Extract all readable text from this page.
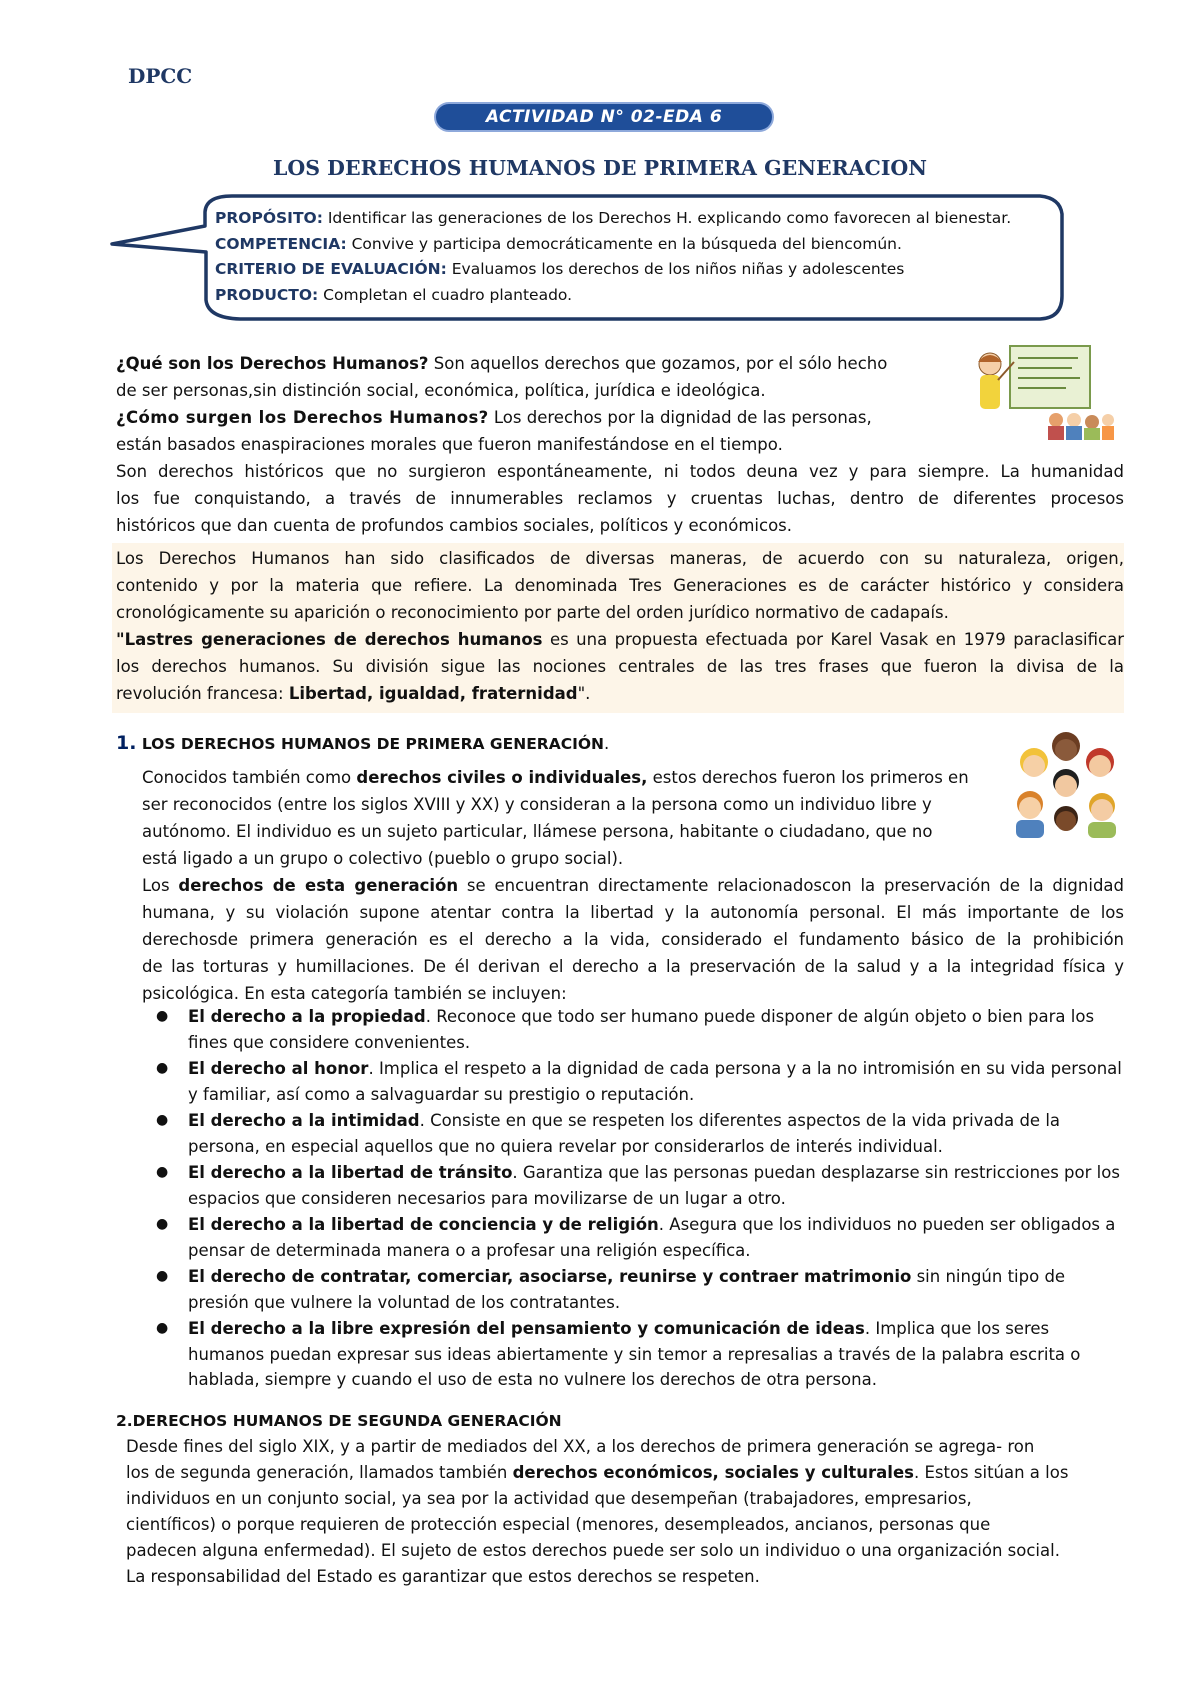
DPCC
ACTIVIDAD N° 02-EDA 6
LOS DERECHOS HUMANOS DE PRIMERA GENERACION
PROPÓSITO: Identificar las generaciones de los Derechos H. explicando como favorecen al bienestar.
COMPETENCIA: Convive y participa democráticamente en la búsqueda del biencomún.
CRITERIO DE EVALUACIÓN: Evaluamos los derechos de los niños niñas y adolescentes
PRODUCTO: Completan el cuadro planteado.
¿Qué son los Derechos Humanos? Son aquellos derechos que gozamos, por el sólo hecho
de ser personas,sin distinción social, económica, política, jurídica e ideológica.
¿Cómo surgen los Derechos Humanos? Los derechos por la dignidad de las personas,
están basados enaspiraciones morales que fueron manifestándose en el tiempo.
Son derechos históricos que no surgieron espontáneamente, ni todos deuna vez y para siempre. La humanidad
los fue conquistando, a través de innumerables reclamos y cruentas luchas, dentro de diferentes procesos
históricos que dan cuenta de profundos cambios sociales, políticos y económicos.
Los Derechos Humanos han sido clasificados de diversas maneras, de acuerdo con su naturaleza, origen,
contenido y por la materia que refiere. La denominada Tres Generaciones es de carácter histórico y considera
cronológicamente su aparición o reconocimiento por parte del orden jurídico normativo de cadapaís.
"Lastres generaciones de derechos humanos es una propuesta efectuada por Karel Vasak en 1979 paraclasificar
los derechos humanos. Su división sigue las nociones centrales de las tres frases que fueron la divisa de la
revolución francesa: Libertad, igualdad, fraternidad".
1. LOS DERECHOS HUMANOS DE PRIMERA GENERACIÓN.
Conocidos también como derechos civiles o individuales, estos derechos fueron los primeros en
ser reconocidos (entre los siglos XVIII y XX) y consideran a la persona como un individuo libre y
autónomo. El individuo es un sujeto particular, llámese persona, habitante o ciudadano, que no
está ligado a un grupo o colectivo (pueblo o grupo social).
Los derechos de esta generación se encuentran directamente relacionadoscon la preservación de la dignidad
humana, y su violación supone atentar contra la libertad y la autonomía personal. El más importante de los
derechosde primera generación es el derecho a la vida, considerado el fundamento básico de la prohibición
de las torturas y humillaciones. De él derivan el derecho a la preservación de la salud y a la integridad física y
psicológica. En esta categoría también se incluyen:
● El derecho a la propiedad. Reconoce que todo ser humano puede disponer de algún objeto o bien para los fines que considere convenientes.
● El derecho al honor. Implica el respeto a la dignidad de cada persona y a la no intromisión en su vida personal y familiar, así como a salvaguardar su prestigio o reputación.
● El derecho a la intimidad. Consiste en que se respeten los diferentes aspectos de la vida privada de la persona, en especial aquellos que no quiera revelar por considerarlos de interés individual.
● El derecho a la libertad de tránsito. Garantiza que las personas puedan desplazarse sin restricciones por los espacios que consideren necesarios para movilizarse de un lugar a otro.
● El derecho a la libertad de conciencia y de religión. Asegura que los individuos no pueden ser obligados a pensar de determinada manera o a profesar una religión específica.
● El derecho de contratar, comerciar, asociarse, reunirse y contraer matrimonio sin ningún tipo de presión que vulnere la voluntad de los contratantes.
● El derecho a la libre expresión del pensamiento y comunicación de ideas. Implica que los seres humanos puedan expresar sus ideas abiertamente y sin temor a represalias a través de la palabra escrita o hablada, siempre y cuando el uso de esta no vulnere los derechos de otra persona.
2.DERECHOS HUMANOS DE SEGUNDA GENERACIÓN
Desde fines del siglo XIX, y a partir de mediados del XX, a los derechos de primera generación se agrega- ron
los de segunda generación, llamados también derechos económicos, sociales y culturales. Estos sitúan a los
individuos en un conjunto social, ya sea por la actividad que desempeñan (trabajadores, empresarios,
científicos) o porque requieren de protección especial (menores, desempleados, ancianos, personas que
padecen alguna enfermedad). El sujeto de estos derechos puede ser solo un individuo o una organización social.
La responsabilidad del Estado es garantizar que estos derechos se respeten.
